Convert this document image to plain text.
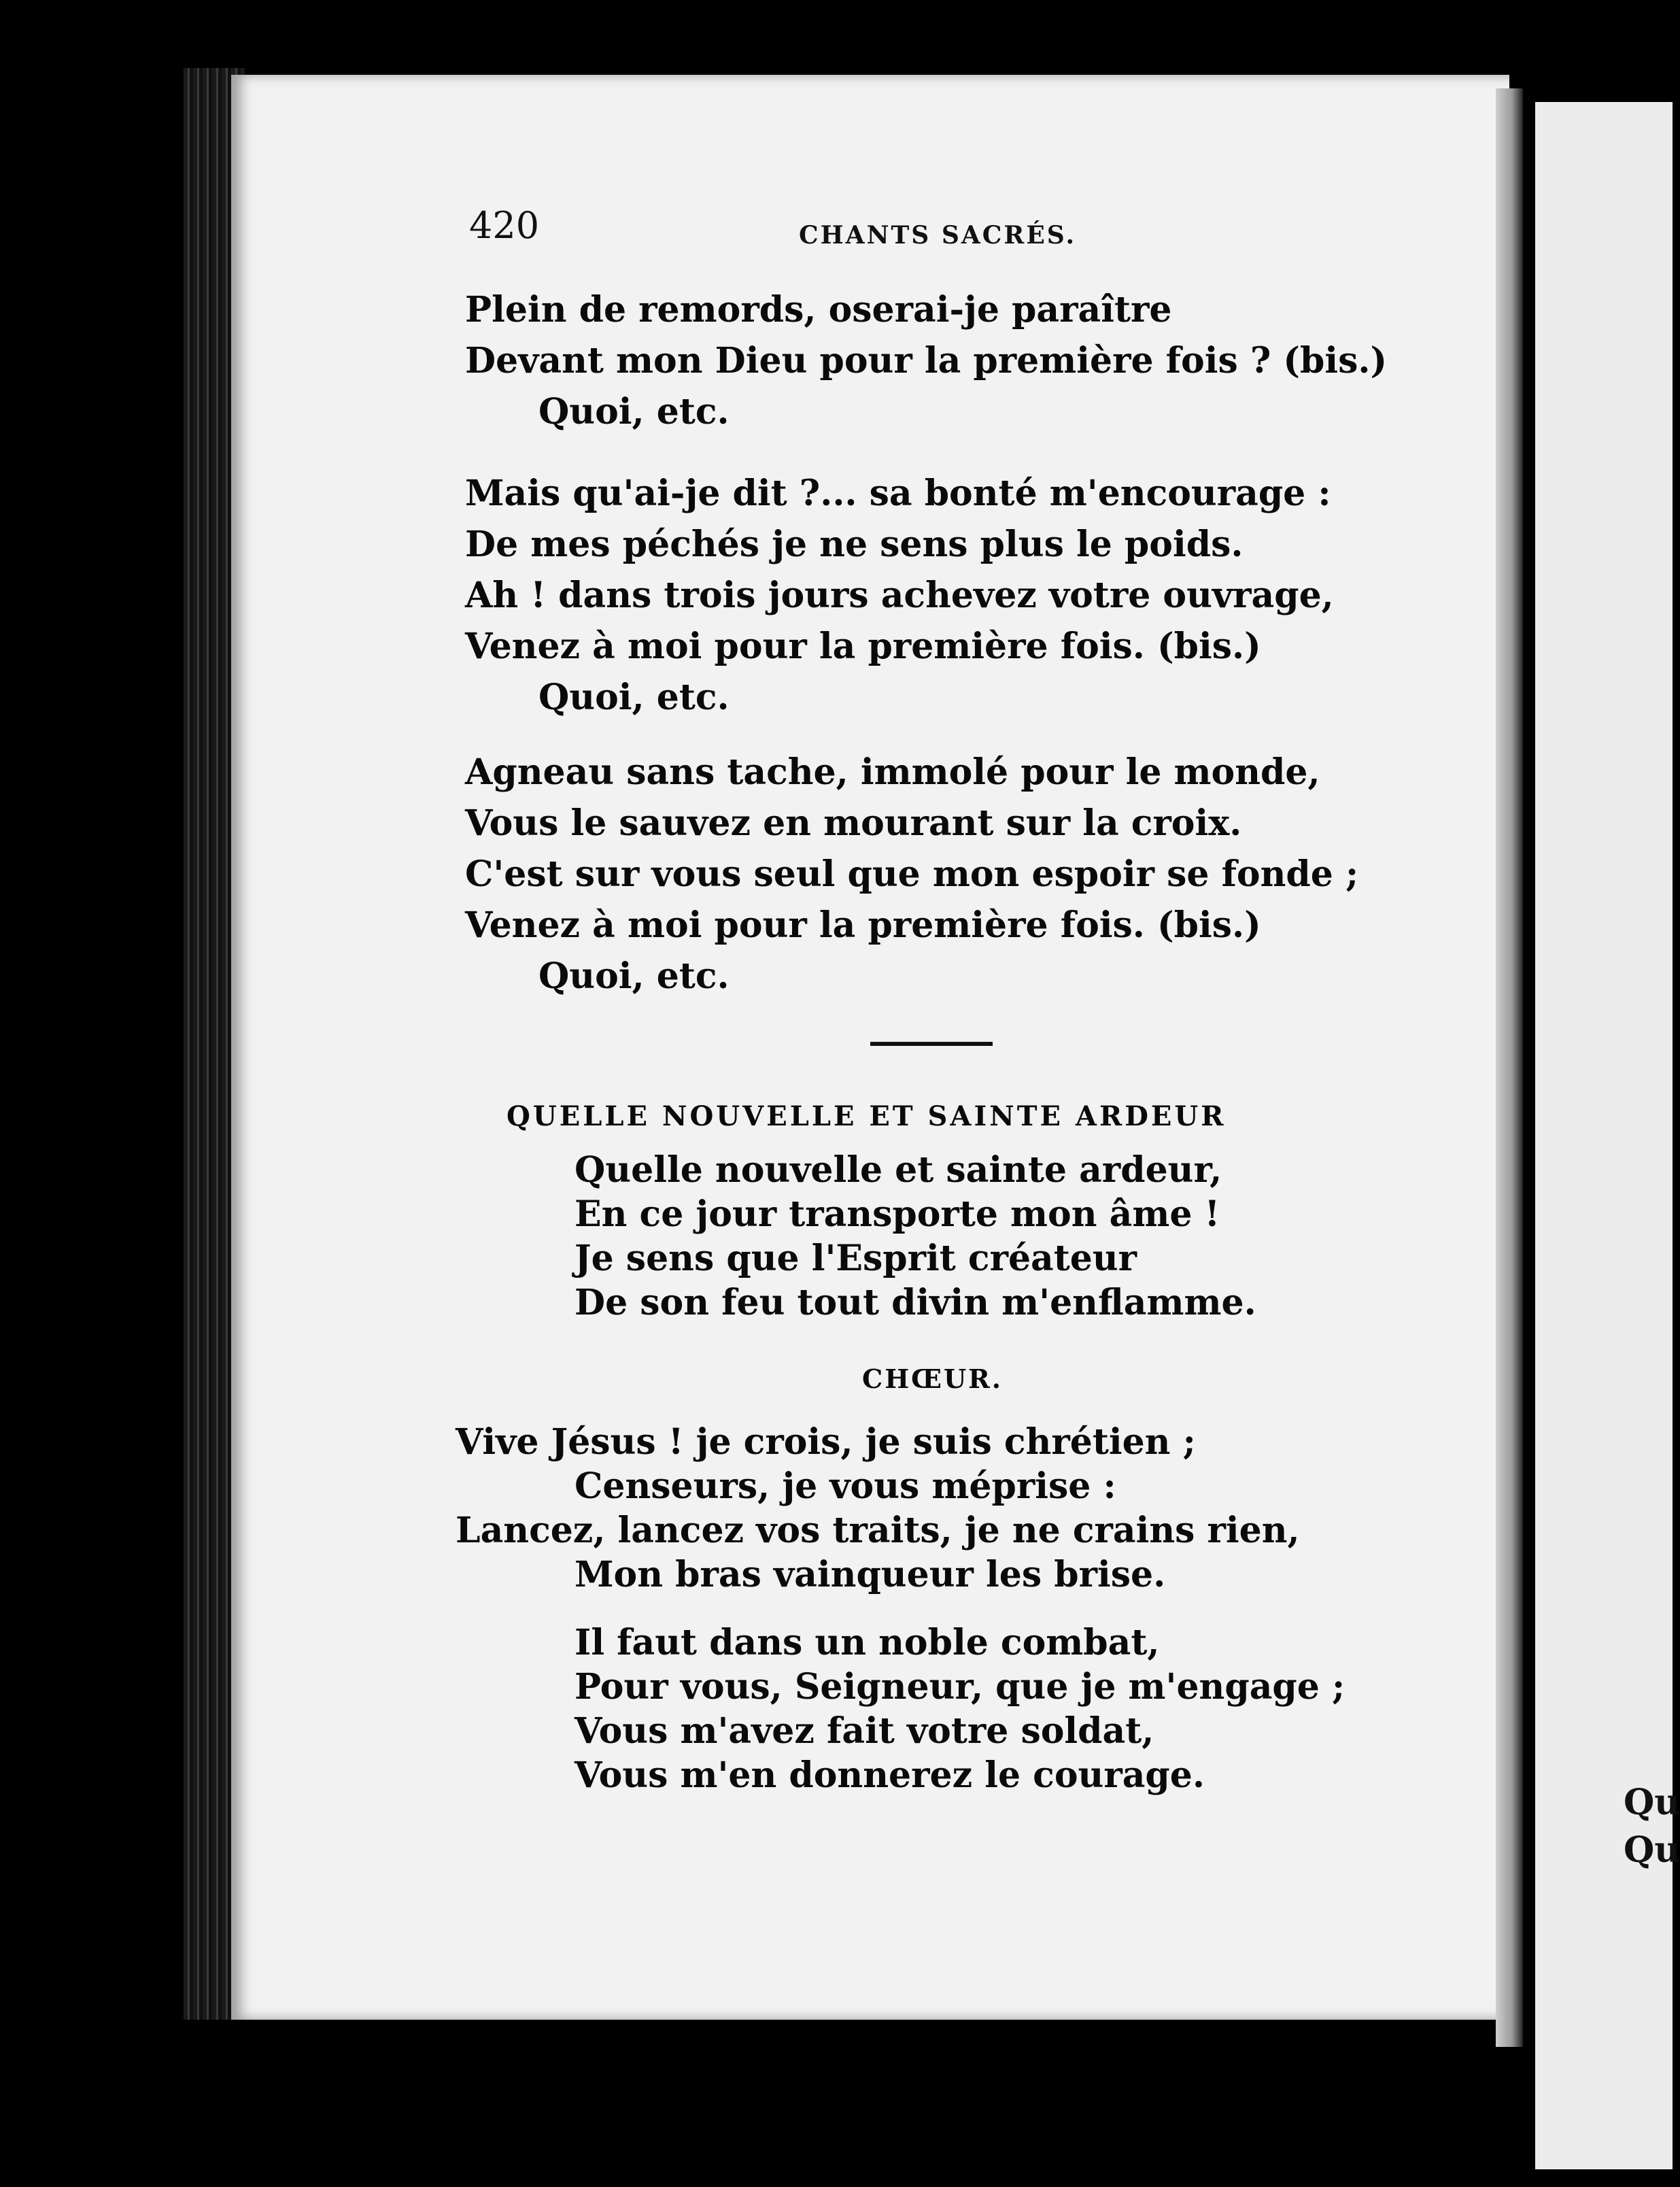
Qu
Qu
420	CHANTS SACRÉS.
Plein de remords, oserai-je paraître
Devant mon Dieu pour la première fois ? (bis.)
Quoi, etc.
Mais qu'ai-je dit ?... sa bonté m'encourage :
De mes péchés je ne sens plus le poids.
Ah ! dans trois jours achevez votre ouvrage,
Venez à moi pour la première fois. (bis.)
Quoi, etc.
Agneau sans tache, immolé pour le monde,
Vous le sauvez en mourant sur la croix.
C'est sur vous seul que mon espoir se fonde ;
Venez à moi pour la première fois. (bis.)
Quoi, etc.
QUELLE NOUVELLE ET SAINTE ARDEUR
Quelle nouvelle et sainte ardeur,
En ce jour transporte mon âme !
Je sens que l'Esprit créateur
De son feu tout divin m'enflamme.
CHŒUR.
Vive Jésus ! je crois, je suis chrétien ;
Censeurs, je vous méprise :
Lancez, lancez vos traits, je ne crains rien,
Mon bras vainqueur les brise.
Il faut dans un noble combat,
Pour vous, Seigneur, que je m'engage ;
Vous m'avez fait votre soldat,
Vous m'en donnerez le courage.
